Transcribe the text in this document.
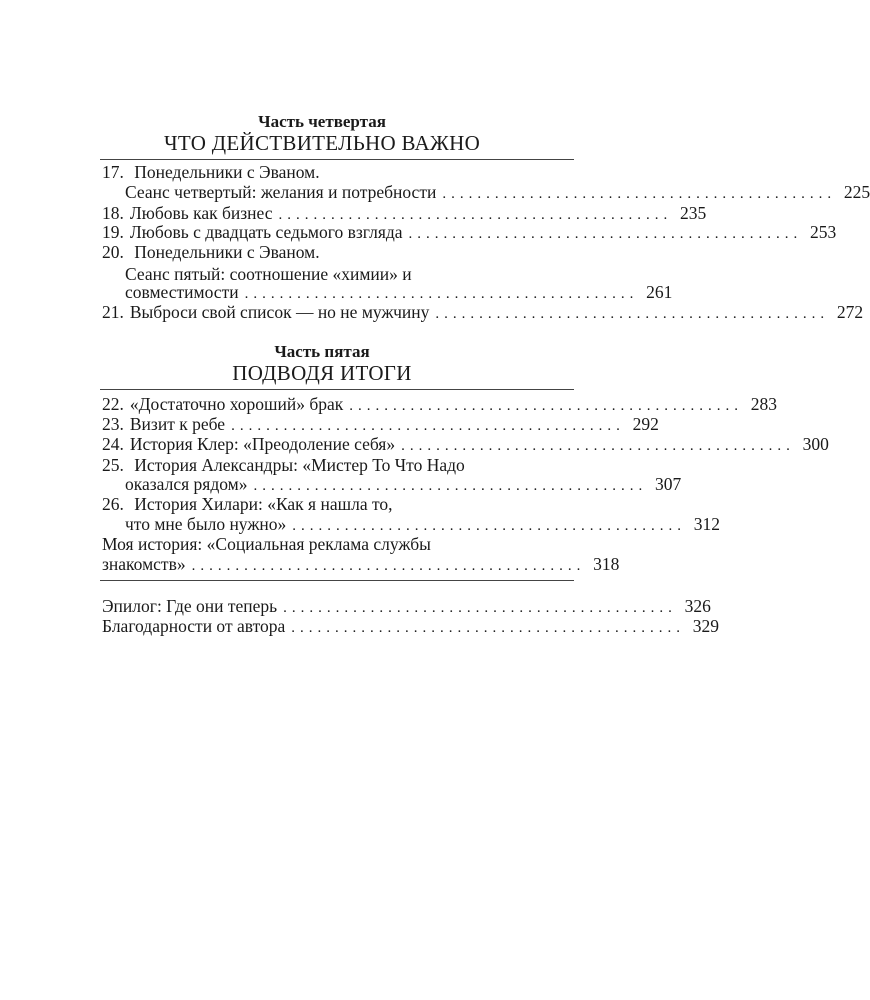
Часть четвертая
ЧТО ДЕЙСТВИТЕЛЬНО ВАЖНО
17. Понедельники с Эваном.
Сеанс четвертый: желания и потребности ............................................. 225
18. Любовь как бизнес ............................................. 235
19. Любовь с двадцать седьмого взгляда ............................................. 253
20. Понедельники с Эваном.
Сеанс пятый: соотношение «химии» и
совместимости ............................................. 261
21. Выброси свой список — но не мужчину ............................................. 272
Часть пятая
ПОДВОДЯ ИТОГИ
22. «Достаточно хороший» брак ............................................. 283
23. Визит к ребе ............................................. 292
24. История Клер: «Преодоление себя» ............................................. 300
25. История Александры: «Мистер То Что Надо
оказался рядом» ............................................. 307
26. История Хилари: «Как я нашла то,
что мне было нужно» ............................................. 312
Моя история: «Социальная реклама службы
знакомств» ............................................. 318
Эпилог: Где они теперь ............................................. 326
Благодарности от автора ............................................. 329
